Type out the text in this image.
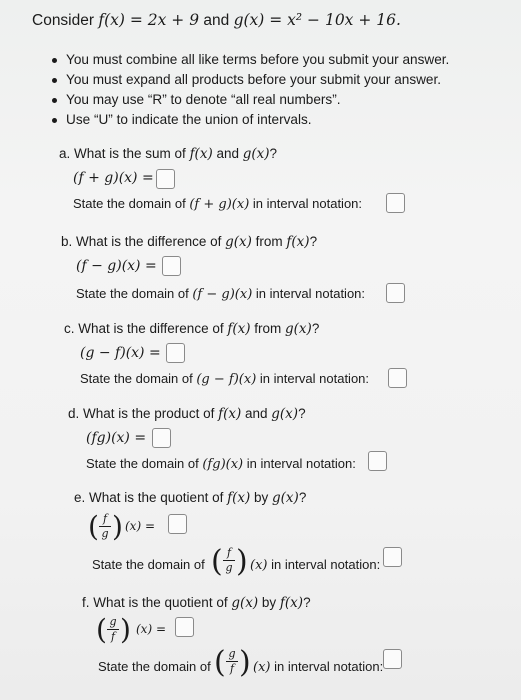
Consider f(x) = 2x + 9 and g(x) = x² − 10x + 16.
You must combine all like terms before you submit your answer.
You must expand all products before your submit your answer.
You may use “R” to denote “all real numbers”.
Use “U” to indicate the union of intervals.
a. What is the sum of f(x) and g(x)?
(f + g)(x) =
State the domain of (f + g)(x) in interval notation:
b. What is the difference of g(x) from f(x)?
(f − g)(x) =
State the domain of (f − g)(x) in interval notation:
c. What is the difference of f(x) from g(x)?
(g − f)(x) =
State the domain of (g − f)(x) in interval notation:
d. What is the product of f(x) and g(x)?
(fg)(x) =
State the domain of (fg)(x) in interval notation:
e. What is the quotient of f(x) by g(x)?
( f
g ) (x) =
State the domain of ( f
g ) (x) in interval notation:
f. What is the quotient of g(x) by f(x)?
( g
f ) (x) =
State the domain of ( g
f ) (x) in interval notation:
